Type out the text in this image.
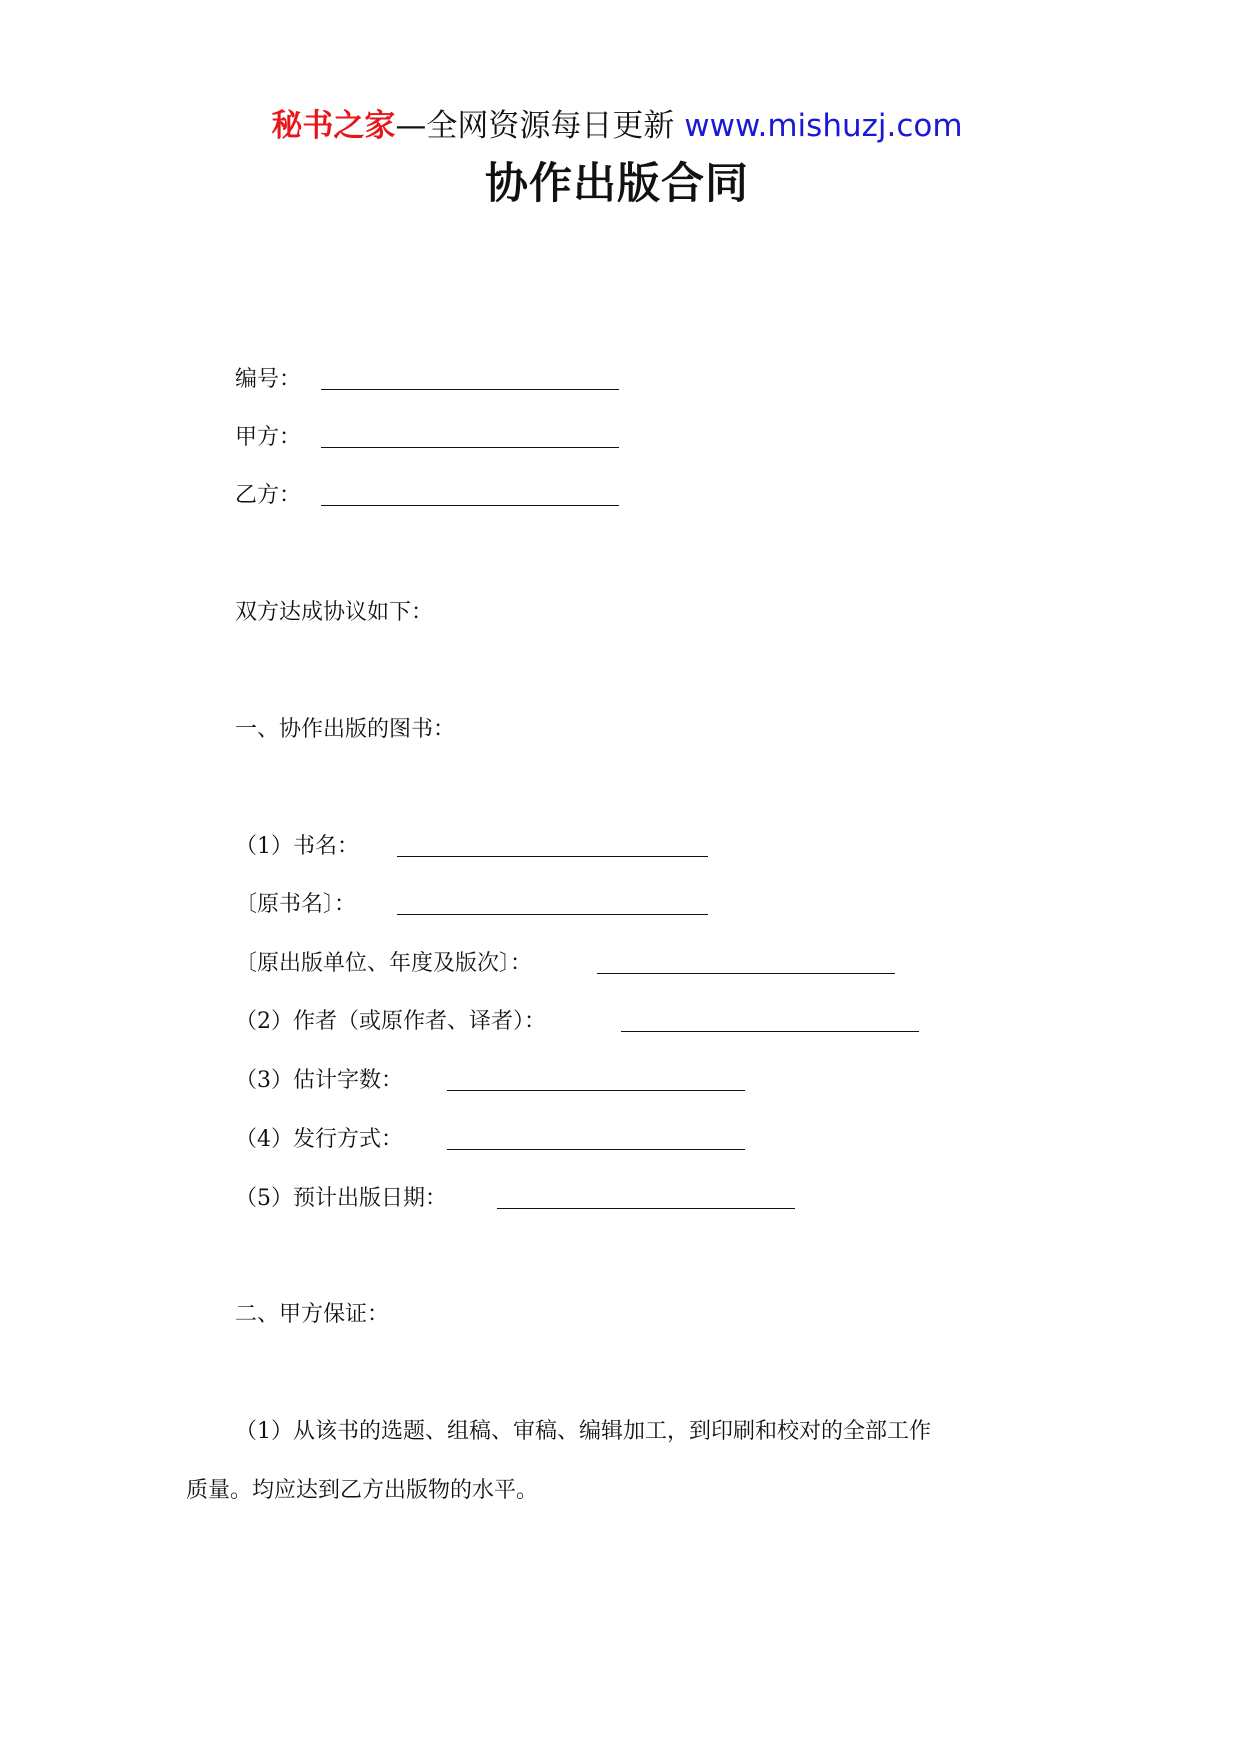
秘书之家—全网资源每日更新 www.mishuzj.com
协作出版合同
编号：
甲方：
乙方：
双方达成协议如下：
一、协作出版的图书：
（1）书名：
〔原书名〕：
〔原出版单位、年度及版次〕：
（2）作者（或原作者、译者）：
（3）估计字数：
（4）发行方式：
（5）预计出版日期：
二、甲方保证：
（1）从该书的选题、组稿、审稿、编辑加工，到印刷和校对的全部工作
质量。均应达到乙方出版物的水平。
